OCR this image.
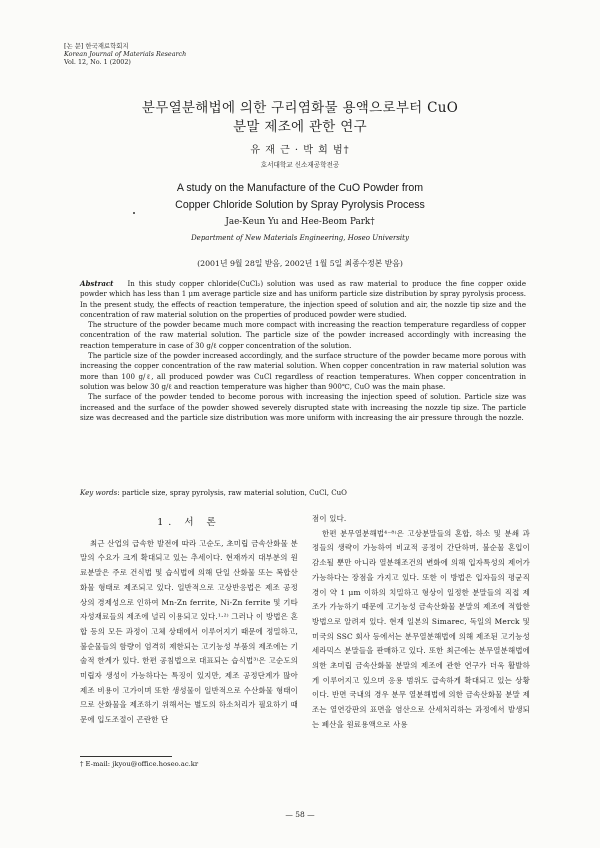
[논 문] 한국재료학회지
Korean Journal of Materials Research
Vol. 12, No. 1 (2002)
분무열분해법에 의한 구리염화물 용액으로부터 CuO
분말 제조에 관한 연구
유 재 근 · 박 희 범†
호서대학교 신소재공학전공
A study on the Manufacture of the CuO Powder from
Copper Chloride Solution by Spray Pyrolysis Process
Jae-Keun Yu and Hee-Beom Park†
Department of New Materials Engineering, Hoseo University
(2001년 9월 28일 받음, 2002년 1월 5일 최종수정본 받음)

Abstract In this study copper chloride(CuCl₂) solution was used as raw material to produce the fine copper oxide powder which has less than 1 μm average particle size and has uniform particle size distribution by spray pyrolysis process. In the present study, the effects of reaction temperature, the injection speed of solution and air, the nozzle tip size and the concentration of raw material solution on the properties of produced powder were studied.

The structure of the powder became much more compact with increasing the reaction temperature regardless of copper concentration of the raw material solution. The particle size of the powder increased accordingly with increasing the reaction temperature in case of 30 g/ℓ copper concentration of the solution.

The particle size of the powder increased accordingly, and the surface structure of the powder became more porous with increasing the copper concentration of the raw material solution. When copper concentration in raw material solution was more than 100 g/ℓ, all produced powder was CuCl regardless of reaction temperatures. When copper concentration in solution was below 30 g/ℓ and reaction temperature was higher than 900℃, CuO was the main phase.

The surface of the powder tended to become porous with increasing the injection speed of solution. Particle size was increased and the surface of the powder showed severely disrupted state with increasing the nozzle tip size. The particle size was decreased and the particle size distribution was more uniform with increasing the air pressure through the nozzle.

Key words: particle size, spray pyrolysis, raw material solution, CuCl, CuO
1. 서 론

최근 산업의 급속한 발전에 따라 고순도, 초미립 금속산화물 분말의 수요가 크게 확대되고 있는 추세이다. 현재까지 대부분의 원료분말은 주로 건식법 및 습식법에 의해 단일 산화물 또는 복합산화물 형태로 제조되고 있다. 일반적으로 고상반응법은 제조 공정상의 경제성으로 인하여 Mn-Zn ferrite, Ni-Zn ferrite 및 기타 자성재료들의 제조에 널리 이용되고 있다.¹·²⁾ 그러나 이 방법은 혼합 등의 모든 과정이 고체 상태에서 이루어지기 때문에 정밀하고, 불순물들의 함량이 엄격히 제한되는 고기능성 부품의 제조에는 기술적 한계가 있다. 한편 공침법으로 대표되는 습식법³⁾은 고순도의 미립자 생성이 가능하다는 특징이 있지만, 제조 공정단계가 많아 제조 비용이 고가이며 또한 생성물이 일반적으로 수산화물 형태이므로 산화물을 제조하기 위해서는 별도의 하소처리가 필요하기 때문에 입도조절이 곤란한 단

점이 있다.

한편 분무열분해법⁴⁻⁸⁾은 고상분말들의 혼합, 하소 및 분쇄 과정들의 생략이 가능하여 비교적 공정이 간단하며, 불순물 혼입이 감소될 뿐만 아니라 열분해조건의 변화에 의해 입자특성의 제어가 가능하다는 장점을 가지고 있다. 또한 이 방법은 입자들의 평균직경이 약 1 μm 이하의 치밀하고 형상이 일정한 분말들의 직접 제조가 가능하기 때문에 고기능성 금속산화물 분말의 제조에 적합한 방법으로 알려져 있다. 현재 일본의 Simarec, 독일의 Merck 및 미국의 SSC 회사 등에서는 분무열분해법에 의해 제조된 고기능성 세라믹스 분말들을 판매하고 있다. 또한 최근에는 분무열분해법에 의한 초미립 금속산화물 분말의 제조에 관한 연구가 더욱 활발하게 이루어지고 있으며 응용 범위도 급속하게 확대되고 있는 상황이다. 반면 국내의 경우 분무 열분해법에 의한 금속산화물 분말 제조는 열연강판의 표면을 염산으로 산세처리하는 과정에서 발생되는 폐산을 원료용액으로 사용

† E-mail: jkyou@office.hoseo.ac.kr
— 58 —
